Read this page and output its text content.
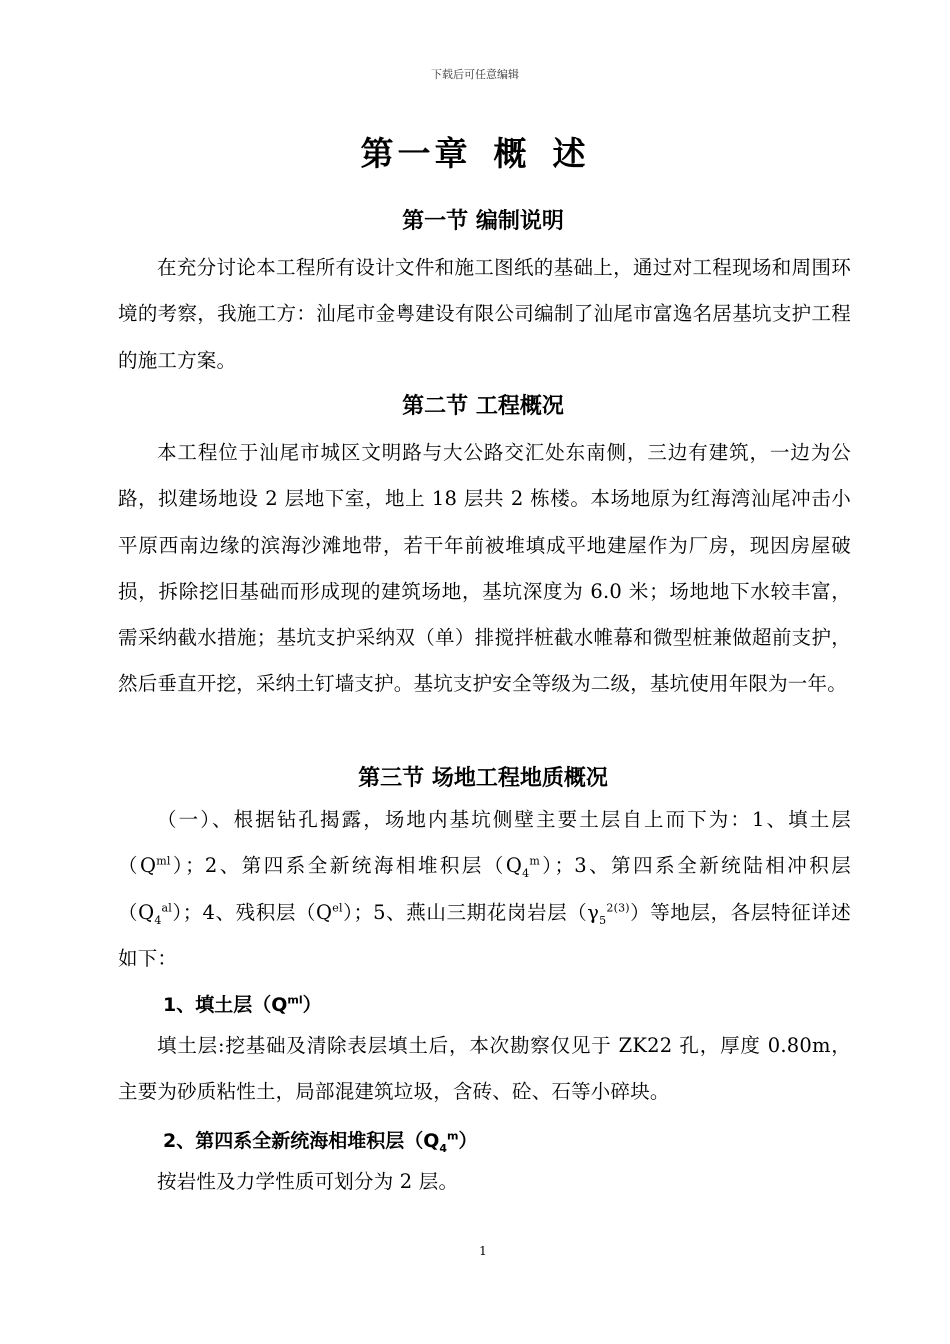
下载后可任意编辑
第一章 概 述
第一节 编制说明

在充分讨论本工程所有设计文件和施工图纸的基础上，通过对工程现场和周围环境的考察，我施工方：汕尾市金粤建设有限公司编制了汕尾市富逸名居基坑支护工程的施工方案。

第二节 工程概况

本工程位于汕尾市城区文明路与大公路交汇处东南侧，三边有建筑，一边为公路，拟建场地设 2 层地下室，地上 18 层共 2 栋楼。本场地原为红海湾汕尾冲击小平原西南边缘的滨海沙滩地带，若干年前被堆填成平地建屋作为厂房，现因房屋破损，拆除挖旧基础而形成现的建筑场地，基坑深度为 6.0 米；场地地下水较丰富，需采纳截水措施；基坑支护采纳双（单）排搅拌桩截水帷幕和微型桩兼做超前支护，然后垂直开挖，采纳土钉墙支护。基坑支护安全等级为二级，基坑使用年限为一年。

第三节 场地工程地质概况

（一）、根据钻孔揭露，场地内基坑侧壁主要土层自上而下为：1、填土层$(Q^{ml})$；2、第四系全新统海相堆积层$(Q_4^m)$；3、第四系全新统陆相冲积层$(Q_4^{al})$；4、残积层$(Q^{el})$；5、燕山三期花岗岩层$(\gamma_5^{2(3)})$等地层，各层特征详述如下：

1、填土层$(Q^{ml})$

填土层:挖基础及清除表层填土后，本次勘察仅见于 ZK22 孔，厚度 0.80m，主要为砂质粘性土，局部混建筑垃圾，含砖、砼、石等小碎块。

2、第四系全新统海相堆积层$(Q_4^m)$

按岩性及力学性质可划分为 2 层。

1
